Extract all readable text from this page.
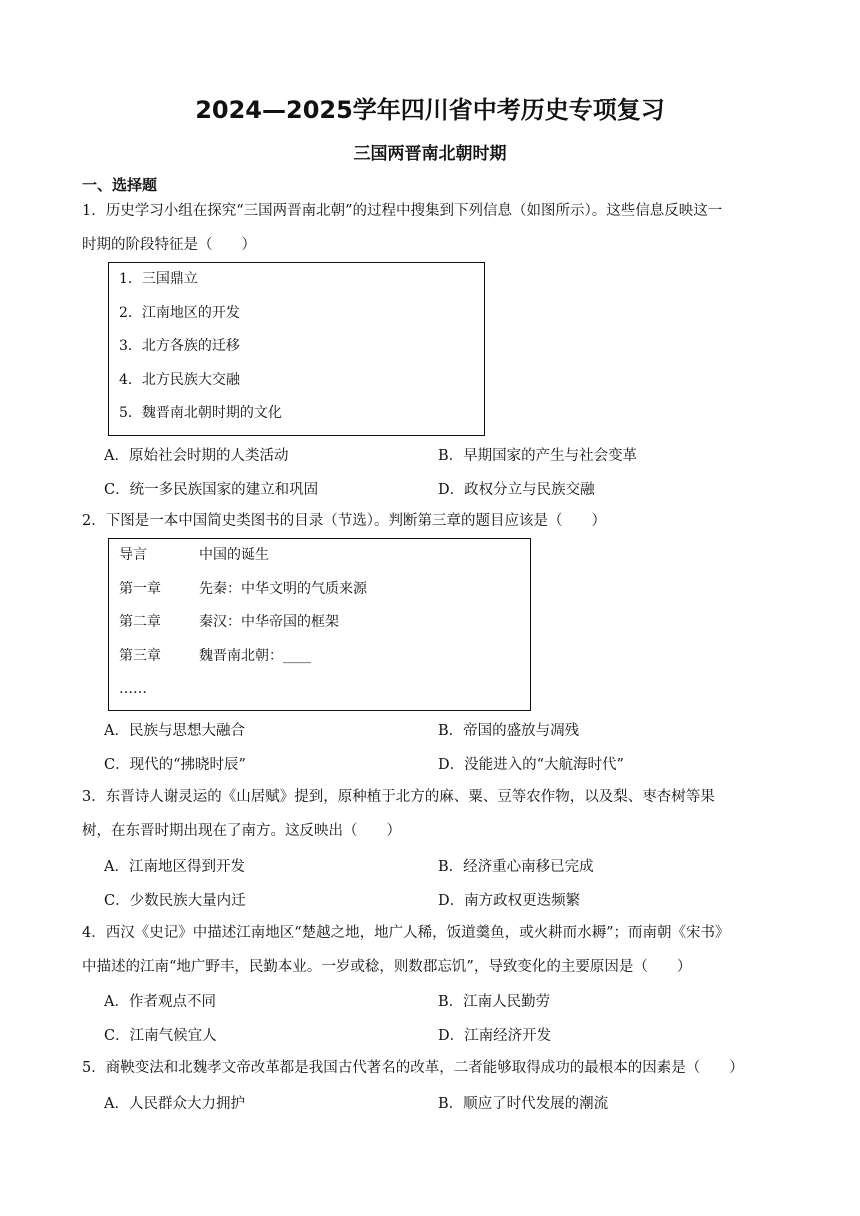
2024—2025学年四川省中考历史专项复习
三国两晋南北朝时期
一、选择题
1．历史学习小组在探究“三国两晋南北朝”的过程中搜集到下列信息（如图所示）。这些信息反映这一
时期的阶段特征是（　　）
1．三国鼎立
2．江南地区的开发
3．北方各族的迁移
4．北方民族大交融
5．魏晋南北朝时期的文化
A．原始社会时期的人类活动	B．早期国家的产生与社会变革
C．统一多民族国家的建立和巩固	D．政权分立与民族交融
2．下图是一本中国简史类图书的目录（节选）。判断第三章的题目应该是（　　）
导言	中国的诞生
第一章	先秦：中华文明的气质来源
第二章	秦汉：中华帝国的框架
第三章	魏晋南北朝：____
……
A．民族与思想大融合	B．帝国的盛放与凋残
C．现代的“拂晓时辰”	D．没能进入的“大航海时代”
3．东晋诗人谢灵运的《山居赋》提到，原种植于北方的麻、粟、豆等农作物，以及梨、枣杏树等果
树，在东晋时期出现在了南方。这反映出（　　）
A．江南地区得到开发	B．经济重心南移已完成
C．少数民族大量内迁	D．南方政权更迭频繁
4．西汉《史记》中描述江南地区“楚越之地，地广人稀，饭道羹鱼，或火耕而水耨”；而南朝《宋书》
中描述的江南“地广野丰，民勤本业。一岁或稔，则数郡忘饥”，导致变化的主要原因是（　　）
A．作者观点不同	B．江南人民勤劳
C．江南气候宜人	D．江南经济开发
5．商鞅变法和北魏孝文帝改革都是我国古代著名的改革，二者能够取得成功的最根本的因素是（　　）
A．人民群众大力拥护	B．顺应了时代发展的潮流
